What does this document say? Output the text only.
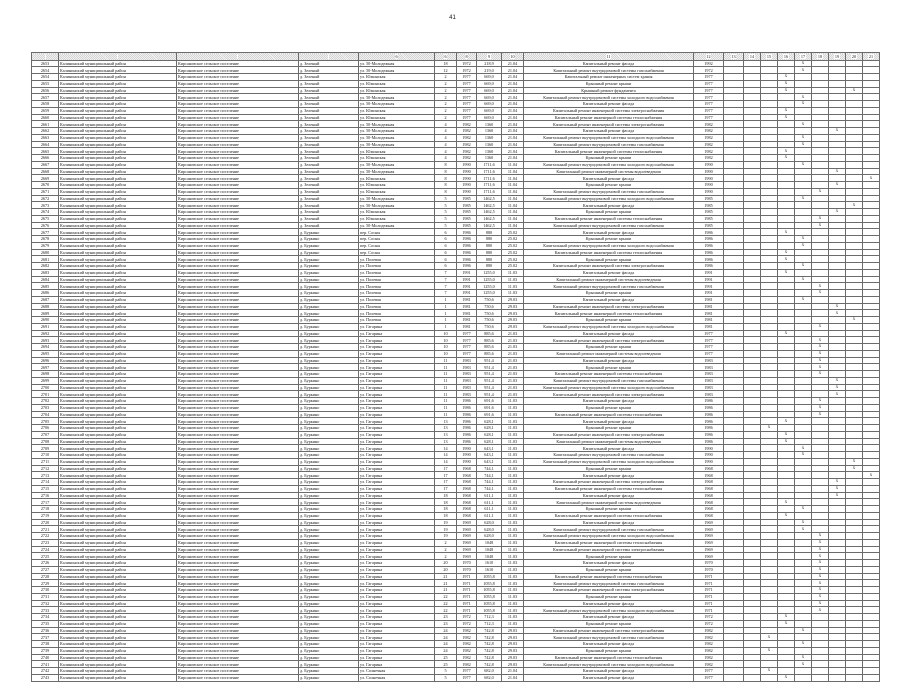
41
				6	6	8	9	10	11	12	13	14	15	16	17	18	19	20	21
2653	Калининский муниципальный район	Кирсановское сельское поселение	д. Зеленый	ул. 50-Молодежная	18	1972	218,9	21.04	Капитальный ремонт фасада	1992					x				
2654	Калининский муниципальный район	Кирсановское сельское поселение	д. Зеленый	ул. 50-Молодежная	12	1972	219,0	21.04	Капитальный ремонт внутридомовой системы газоснабжения	1972					x				
2654	Калининский муниципальный район	Кирсановское сельское поселение	д. Зеленый	ул. Южинская	2	1977	669,0	21.04	Капитальный ремонт инженерных систем здания	1977				x					
2655	Калининский муниципальный район	Кирсановское сельское поселение	д. Зеленый	ул. Южинская	2	1977	669,0	21.04	Крышный ремонт крыши	1977				x					
2656	Калининский муниципальный район	Кирсановское сельское поселение	д. Зеленый	ул. Южинская	2	1977	669,0	21.04	Крышный ремонт фундамента	1977				x				x	
2657	Калининский муниципальный район	Кирсановское сельское поселение	д. Зеленый	ул. 50-Молодежная	2	1977	669,0	21.04	Капитальный ремонт внутридомовой системы холодного водоснабжения	1977					x				
2658	Калининский муниципальный район	Кирсановское сельское поселение	д. Зеленый	ул. 50-Молодежная	2	1977	669,0	21.04	Капитальный ремонт фасада	1977					x				
2659	Калининский муниципальный район	Кирсановское сельское поселение	д. Зеленый	ул. Южинская	2	1977	669,0	21.04	Капитальный ремонт инженерной системы электроснабжения	1977				x					
2660	Калининский муниципальный район	Кирсановское сельское поселение	д. Зеленый	ул. Южинская	2	1977	669,0	21.04	Капитальный ремонт инженерной системы теплоснабжения	1977				x					
2661	Калининский муниципальный район	Кирсановское сельское поселение	д. Зеленый	ул. 50-Молодежная	4	1982	1360	21.04	Капитальный ремонт инженерной системы электроснабжения	1982					x				
2662	Калининский муниципальный район	Кирсановское сельское поселение	д. Зеленый	ул. 50-Молодежная	4	1982	1360	21.04	Капитальный ремонт фасада	1982							x		
2663	Калининский муниципальный район	Кирсановское сельское поселение	д. Зеленый	ул. 50-Молодежная	4	1982	1360	21.04	Капитальный ремонт внутридомовой системы холодного водоснабжения	1982					x				
2664	Калининский муниципальный район	Кирсановское сельское поселение	д. Зеленый	ул. 50-Молодежная	4	1982	1360	21.04	Капитальный ремонт внутридомовой системы газоснабжения	1982					x				
2665	Калининский муниципальный район	Кирсановское сельское поселение	д. Зеленый	ул. Южинская	4	1982	1360	21.04	Капитальный ремонт инженерной системы теплоснабжения	1982				x					
2666	Калининский муниципальный район	Кирсановское сельское поселение	д. Зеленый	ул. Южинская	4	1982	1360	21.04	Крышный ремонт крыши	1982				x					
2667	Калининский муниципальный район	Кирсановское сельское поселение	д. Зеленый	ул. 50-Молодежная	8	1990	1711,6	11.04	Капитальный ремонт внутридомовой системы холодного водоснабжения	1990					x				
2668	Калининский муниципальный район	Кирсановское сельское поселение	д. Зеленый	ул. 50-Молодежная	8	1990	1711,6	11.04	Капитальный ремонт инженерной системы водоотведения	1990							x		
2669	Калининский муниципальный район	Кирсановское сельское поселение	д. Зеленый	ул. Южинская	8	1990	1711,6	11.04	Капитальный ремонт фасада	1990									x
2670	Калининский муниципальный район	Кирсановское сельское поселение	д. Зеленый	ул. Южинская	8	1990	1711,6	11.04	Крышный ремонт крыши	1990							x		
2671	Калининский муниципальный район	Кирсановское сельское поселение	д. Зеленый	ул. Южинская	8	1990	1711,6	11.04	Капитальный ремонт внутридомовой системы газоснабжения	1990						x			
2672	Калининский муниципальный район	Кирсановское сельское поселение	д. Зеленый	ул. 50-Молодежная	5	1985	1462,5	11.04	Капитальный ремонт внутридомовой системы холодного водоснабжения	1985					x				
2673	Калининский муниципальный район	Кирсановское сельское поселение	д. Зеленый	ул. 50-Молодежная	5	1985	1462,5	11.04	Капитальный ремонт фасада	1985								x	
2674	Калининский муниципальный район	Кирсановское сельское поселение	д. Зеленый	ул. Южинская	5	1985	1462,5	11.04	Крышный ремонт крыши	1985							x		
2675	Калининский муниципальный район	Кирсановское сельское поселение	д. Зеленый	ул. Южинская	5	1985	1462,5	11.04	Капитальный ремонт инженерной системы теплоснабжения	1985						x			
2676	Калининский муниципальный район	Кирсановское сельское поселение	д. Зеленый	ул. 50-Молодежная	5	1985	1462,5	11.04	Капитальный ремонт внутридомовой системы газоснабжения	1985						x			
2677	Калининский муниципальный район	Кирсановское сельское поселение	д. Буркино	пер. Сосны	6	1986	880	25.02	Капитальный ремонт фасада	1986				x					
2678	Калининский муниципальный район	Кирсановское сельское поселение	д. Буркино	пер. Сосны	6	1986	880	25.02	Крышный ремонт крыши	1986					x				
2679	Калининский муниципальный район	Кирсановское сельское поселение	д. Буркино	пер. Сосны	6	1986	880	25.02	Капитальный ремонт внутридомовой системы холодного водоснабжения	1986					x				
2680	Калининский муниципальный район	Кирсановское сельское поселение	д. Буркино	пер. Сосны	6	1986	880	25.02	Капитальный ремонт инженерной системы теплоснабжения	1986				x					
2681	Калининский муниципальный район	Кирсановское сельское поселение	д. Буркино	ул. Полевая	6	1986	880	25.02	Крышный ремонт крыши	1986				x					
2682	Калининский муниципальный район	Кирсановское сельское поселение	д. Буркино	ул. Полевая	6	1986	880	25.02	Капитальный ремонт инженерной системы электроснабжения	1986					x				
2683	Калининский муниципальный район	Кирсановское сельское поселение	д. Буркино	ул. Полевая	7	1991	1255,0	11.03	Капитальный ремонт фасада	1991				x					
2684	Калининский муниципальный район	Кирсановское сельское поселение	д. Буркино	ул. Полевая	7	1991	1255,0	11.03	Капитальный ремонт инженерной системы водоотведения	1991					x				
2685	Калининский муниципальный район	Кирсановское сельское поселение	д. Буркино	ул. Полевая	7	1991	1255,0	11.03	Капитальный ремонт внутридомовой системы газоснабжения	1991						x			
2686	Калининский муниципальный район	Кирсановское сельское поселение	д. Буркино	ул. Полевая	7	1991	1255,0	11.03	Крышный ремонт крыши	1991						x			
2687	Калининский муниципальный район	Кирсановское сельское поселение	д. Буркино	ул. Полевая	1	1981	750,6	29.03	Капитальный ремонт фасада	1981					x				
2688	Калининский муниципальный район	Кирсановское сельское поселение	д. Буркино	ул. Полевая	1	1981	750,6	29.03	Капитальный ремонт инженерной системы электроснабжения	1981							x		
2689	Калининский муниципальный район	Кирсановское сельское поселение	д. Буркино	ул. Полевая	1	1981	750,6	29.03	Капитальный ремонт инженерной системы теплоснабжения	1981							x		
2690	Калининский муниципальный район	Кирсановское сельское поселение	д. Буркино	ул. Полевая	1	1981	750,6	29.03	Крышный ремонт крыши	1981								x	
2691	Калининский муниципальный район	Кирсановское сельское поселение	д. Буркино	ул. Гагарина	1	1981	750,6	29.03	Капитальный ремонт внутридомовой системы холодного водоснабжения	1981						x			
2692	Калининский муниципальный район	Кирсановское сельское поселение	д. Буркино	ул. Гагарина	10	1977	885,6	21.03	Капитальный ремонт фасада	1977				x					
2693	Калининский муниципальный район	Кирсановское сельское поселение	д. Буркино	ул. Гагарина	10	1977	885,6	21.03	Капитальный ремонт инженерной системы электроснабжения	1977						x			
2694	Калининский муниципальный район	Кирсановское сельское поселение	д. Буркино	ул. Гагарина	10	1977	885,6	21.03	Крышный ремонт крыши	1977						x			
2695	Калининский муниципальный район	Кирсановское сельское поселение	д. Буркино	ул. Гагарина	10	1977	885,6	21.03	Капитальный ремонт инженерной системы водоотведения	1977						x			
2696	Калининский муниципальный район	Кирсановское сельское поселение	д. Буркино	ул. Гагарина	11	1983	951,4	21.03	Капитальный ремонт фасада	1983						x			
2697	Калининский муниципальный район	Кирсановское сельское поселение	д. Буркино	ул. Гагарина	11	1983	951,4	21.03	Крышный ремонт крыши	1983						x			
2698	Калининский муниципальный район	Кирсановское сельское поселение	д. Буркино	ул. Гагарина	11	1983	951,4	21.03	Капитальный ремонт инженерной системы теплоснабжения	1983						x			
2699	Калининский муниципальный район	Кирсановское сельское поселение	д. Буркино	ул. Гагарина	11	1983	951,4	21.03	Капитальный ремонт внутридомовой системы газоснабжения	1983							x		
2700	Калининский муниципальный район	Кирсановское сельское поселение	д. Буркино	ул. Гагарина	11	1983	951,4	21.03	Капитальный ремонт внутридомовой системы холодного водоснабжения	1983							x		
2701	Калининский муниципальный район	Кирсановское сельское поселение	д. Буркино	ул. Гагарина	11	1983	951,4	21.03	Капитальный ремонт инженерной системы электроснабжения	1983							x		
2702	Калининский муниципальный район	Кирсановское сельское поселение	д. Буркино	ул. Гагарина	11	1986	691,6	11.03	Капитальный ремонт фасада	1986						x			
2703	Калининский муниципальный район	Кирсановское сельское поселение	д. Буркино	ул. Гагарина	11	1986	691,6	11.03	Крышный ремонт крыши	1986						x			
2704	Калининский муниципальный район	Кирсановское сельское поселение	д. Буркино	ул. Гагарина	11	1986	691,6	11.03	Капитальный ремонт инженерной системы теплоснабжения	1986						x			
2705	Калининский муниципальный район	Кирсановское сельское поселение	д. Буркино	ул. Гагарина	13	1986	628,1	11.03	Капитальный ремонт фасада	1986				x					
2706	Калининский муниципальный район	Кирсановское сельское поселение	д. Буркино	ул. Гагарина	13	1986	628,1	11.03	Крышный ремонт крыши	1986			x						
2707	Калининский муниципальный район	Кирсановское сельское поселение	д. Буркино	ул. Гагарина	13	1986	628,1	11.03	Капитальный ремонт инженерной системы электроснабжения	1986				x					
2708	Калининский муниципальный район	Кирсановское сельское поселение	д. Буркино	ул. Гагарина	13	1986	628,1	11.03	Капитальный ремонт инженерной системы водоотведения	1986				x					
2709	Калининский муниципальный район	Кирсановское сельское поселение	д. Буркино	ул. Гагарина	14	1990	643,1	11.03	Капитальный ремонт фасада	1990					x				
2710	Калининский муниципальный район	Кирсановское сельское поселение	д. Буркино	ул. Гагарина	14	1990	643,1	11.03	Капитальный ремонт внутридомовой системы газоснабжения	1990					x				
2711	Калининский муниципальный район	Кирсановское сельское поселение	д. Буркино	ул. Гагарина	14	1990	643,1	11.03	Капитальный ремонт внутридомовой системы холодного водоснабжения	1990								x	
2712	Калининский муниципальный район	Кирсановское сельское поселение	д. Буркино	ул. Гагарина	17	1968	744,1	11.03	Крышный ремонт крыши	1968								x	
2713	Калининский муниципальный район	Кирсановское сельское поселение	д. Буркино	ул. Гагарина	17	1968	744,1	11.03	Капитальный ремонт фасада	1968									x
2714	Калининский муниципальный район	Кирсановское сельское поселение	д. Буркино	ул. Гагарина	17	1968	744,1	11.03	Капитальный ремонт инженерной системы электроснабжения	1968							x		
2715	Калининский муниципальный район	Кирсановское сельское поселение	д. Буркино	ул. Гагарина	17	1968	744,1	11.03	Капитальный ремонт инженерной системы теплоснабжения	1968							x		
2716	Калининский муниципальный район	Кирсановское сельское поселение	д. Буркино	ул. Гагарина	18	1968	611,1	11.03	Капитальный ремонт фасада	1968							x		
2717	Калининский муниципальный район	Кирсановское сельское поселение	д. Буркино	ул. Гагарина	18	1968	611,1	11.03	Капитальный ремонт инженерной системы водоотведения	1968				x					
2718	Калининский муниципальный район	Кирсановское сельское поселение	д. Буркино	ул. Гагарина	18	1968	611,1	11.03	Крышный ремонт крыши	1968					x				
2719	Калининский муниципальный район	Кирсановское сельское поселение	д. Буркино	ул. Гагарина	18	1968	611,1	11.03	Капитальный ремонт инженерной системы теплоснабжения	1968				x					
2720	Калининский муниципальный район	Кирсановское сельское поселение	д. Буркино	ул. Гагарина	19	1969	628,0	11.03	Капитальный ремонт фасада	1969					x				
2721	Калининский муниципальный район	Кирсановское сельское поселение	д. Буркино	ул. Гагарина	19	1969	628,0	11.03	Капитальный ремонт внутридомовой системы газоснабжения	1969					x				
2722	Калининский муниципальный район	Кирсановское сельское поселение	д. Буркино	ул. Гагарина	19	1969	628,0	11.03	Капитальный ремонт внутридомовой системы холодного водоснабжения	1969						x			
2723	Калининский муниципальный район	Кирсановское сельское поселение	д. Буркино	ул. Гагарина	2	1969	1048	11.03	Капитальный ремонт инженерной системы теплоснабжения	1969						x			
2724	Калининский муниципальный район	Кирсановское сельское поселение	д. Буркино	ул. Гагарина	2	1969	1048	11.03	Капитальный ремонт инженерной системы электроснабжения	1969						x			
2725	Калининский муниципальный район	Кирсановское сельское поселение	д. Буркино	ул. Гагарина	2	1969	1048	11.03	Крышный ремонт крыши	1969						x			
2726	Калининский муниципальный район	Кирсановское сельское поселение	д. Буркино	ул. Гагарина	20	1970	1610	11.03	Капитальный ремонт фасада	1970						x			
2727	Калининский муниципальный район	Кирсановское сельское поселение	д. Буркино	ул. Гагарина	20	1970	1610	11.03	Крышный ремонт крыши	1970						x			
2728	Калининский муниципальный район	Кирсановское сельское поселение	д. Буркино	ул. Гагарина	21	1971	1055,8	11.03	Капитальный ремонт инженерной системы теплоснабжения	1971						x			
2729	Калининский муниципальный район	Кирсановское сельское поселение	д. Буркино	ул. Гагарина	21	1971	1055,8	11.03	Капитальный ремонт внутридомовой системы газоснабжения	1971						x			
2730	Калининский муниципальный район	Кирсановское сельское поселение	д. Буркино	ул. Гагарина	21	1971	1055,8	11.03	Капитальный ремонт инженерной системы электроснабжения	1971						x			
2731	Калининский муниципальный район	Кирсановское сельское поселение	д. Буркино	ул. Гагарина	22	1971	1055,8	11.03	Крышный ремонт крыши	1971						x			
2732	Калининский муниципальный район	Кирсановское сельское поселение	д. Буркино	ул. Гагарина	22	1971	1055,8	11.03	Капитальный ремонт фасада	1971						x			
2733	Калининский муниципальный район	Кирсановское сельское поселение	д. Буркино	ул. Гагарина	22	1971	1055,8	11.03	Капитальный ремонт внутридомовой системы холодного водоснабжения	1971						x			
2734	Калининский муниципальный район	Кирсановское сельское поселение	д. Буркино	ул. Гагарина	23	1972	712,3	11.03	Капитальный ремонт фасада	1972				x					
2735	Калининский муниципальный район	Кирсановское сельское поселение	д. Буркино	ул. Гагарина	23	1972	712,3	11.03	Крышный ремонт крыши	1972				x					
2736	Калининский муниципальный район	Кирсановское сельское поселение	д. Буркино	ул. Гагарина	24	1982	742,8	29.03	Капитальный ремонт инженерной системы электроснабжения	1982					x				
2737	Калининский муниципальный район	Кирсановское сельское поселение	д. Буркино	ул. Гагарина	24	1982	742,8	29.03	Капитальный ремонт внутридомовой системы газоснабжения	1982			x						
2738	Калининский муниципальный район	Кирсановское сельское поселение	д. Буркино	ул. Гагарина	24	1982	742,8	29.03	Капитальный ремонт фасада	1982					x				
2739	Калининский муниципальный район	Кирсановское сельское поселение	д. Буркино	ул. Гагарина	24	1982	742,8	29.03	Крышный ремонт крыши	1982			x						
2740	Калининский муниципальный район	Кирсановское сельское поселение	д. Буркино	ул. Гагарина	25	1982	742,8	29.03	Капитальный ремонт инженерной системы теплоснабжения	1982					x				
2741	Калининский муниципальный район	Кирсановское сельское поселение	д. Буркино	ул. Гагарина	25	1982	742,8	29.03	Капитальный ремонт внутридомовой системы холодного водоснабжения	1982					x				
2742	Калининский муниципальный район	Кирсановское сельское поселение	д. Буркино	ул. Солнечная	5	1977	682,0	21.04	Капитальный ремонт фасада	1977			x						
2743	Калининский муниципальный район	Кирсановское сельское поселение	д. Буркино	ул. Солнечная	5	1977	682,0	21.04	Капитальный ремонт фасада	1977				x					
